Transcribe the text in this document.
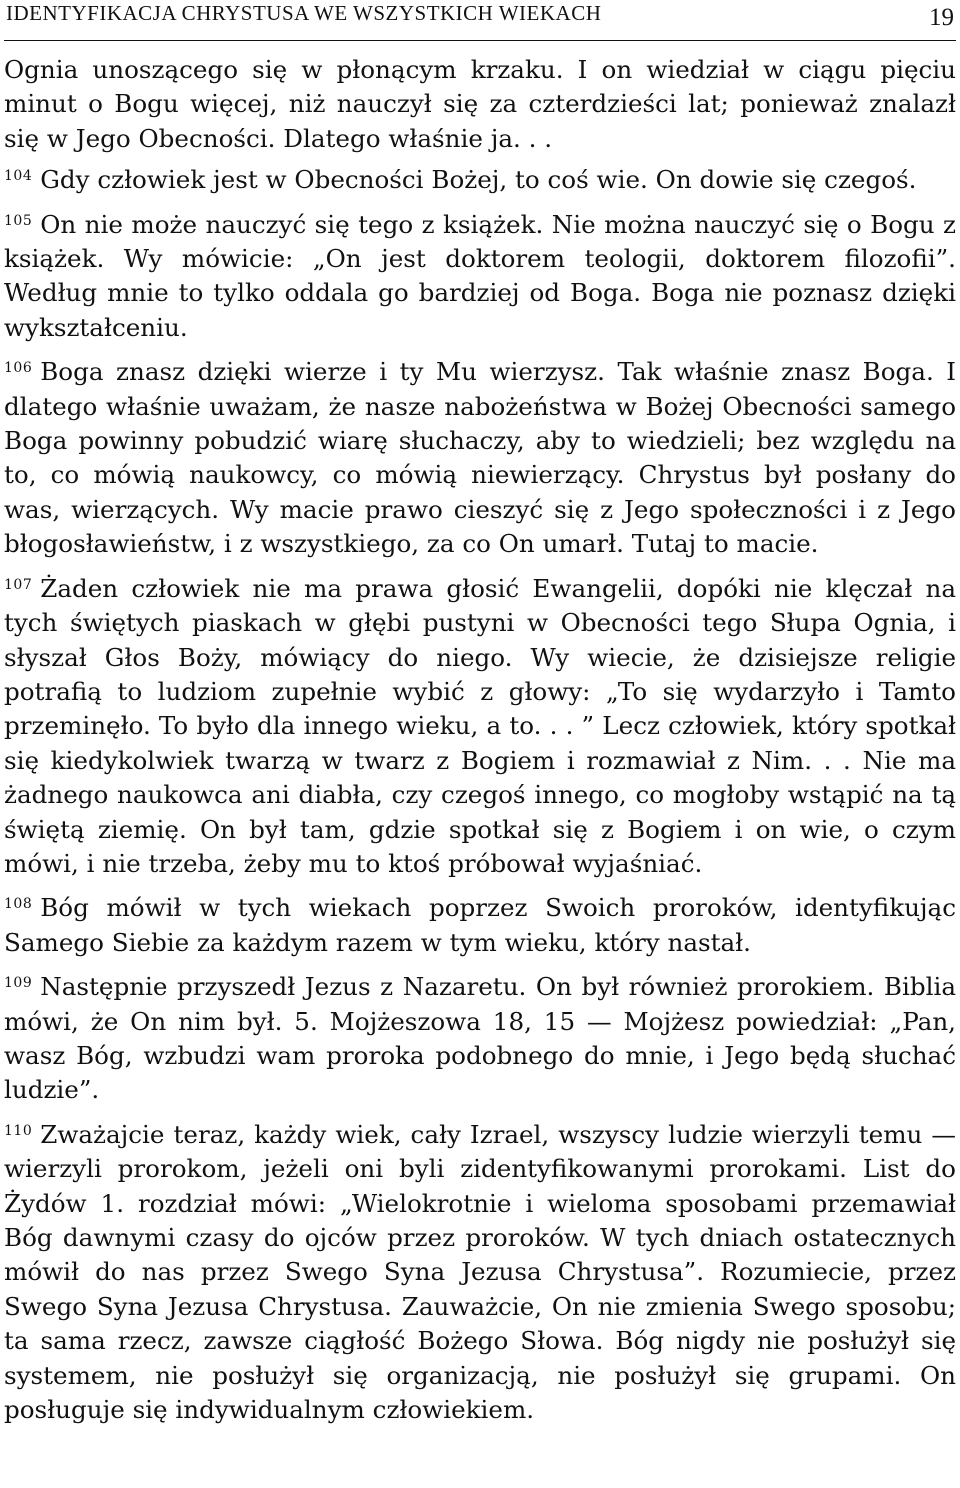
IDENTYFIKACJA CHRYSTUSA WE WSZYSTKICH WIEKACH	19

Ognia unoszącego się w płonącym krzaku. I on wiedział w ciągu pięciu minut o Bogu więcej, niż nauczył się za czterdzieści lat; ponieważ znalazł się w Jego Obecności. Dlatego właśnie ja. . .

$^{104}$ Gdy człowiek jest w Obecności Bożej, to coś wie. On dowie się czegoś.

$^{105}$ On nie może nauczyć się tego z książek. Nie można nauczyć się o Bogu z książek. Wy mówicie: „On jest doktorem teologii, doktorem filozofii”. Według mnie to tylko oddala go bardziej od Boga. Boga nie poznasz dzięki wykształceniu.

$^{106}$ Boga znasz dzięki wierze i ty Mu wierzysz. Tak właśnie znasz Boga. I dlatego właśnie uważam, że nasze nabożeństwa w Bożej Obecności samego Boga powinny pobudzić wiarę słuchaczy, aby to wiedzieli; bez względu na to, co mówią naukowcy, co mówią niewierzący. Chrystus był posłany do was, wierzących. Wy macie prawo cieszyć się z Jego społeczności i z Jego błogosławieństw, i z wszystkiego, za co On umarł. Tutaj to macie.

$^{107}$ Żaden człowiek nie ma prawa głosić Ewangelii, dopóki nie klęczał na tych świętych piaskach w głębi pustyni w Obecności tego Słupa Ognia, i słyszał Głos Boży, mówiący do niego. Wy wiecie, że dzisiejsze religie potrafią to ludziom zupełnie wybić z głowy: „To się wydarzyło i Tamto przeminęło. To było dla innego wieku, a to. . . ” Lecz człowiek, który spotkał się kiedykolwiek twarzą w twarz z Bogiem i rozmawiał z Nim. . . Nie ma żadnego naukowca ani diabła, czy czegoś innego, co mogłoby wstąpić na tą świętą ziemię. On był tam, gdzie spotkał się z Bogiem i on wie, o czym mówi, i nie trzeba, żeby mu to ktoś próbował wyjaśniać.

$^{108}$ Bóg mówił w tych wiekach poprzez Swoich proroków, identyfikując Samego Siebie za każdym razem w tym wieku, który nastał.

$^{109}$ Następnie przyszedł Jezus z Nazaretu. On był również prorokiem. Biblia mówi, że On nim był. 5. Mojżeszowa 18, 15 — Mojżesz powiedział: „Pan, wasz Bóg, wzbudzi wam proroka podobnego do mnie, i Jego będą słuchać ludzie”.

$^{110}$ Zważajcie teraz, każdy wiek, cały Izrael, wszyscy ludzie wierzyli temu — wierzyli prorokom, jeżeli oni byli zidentyfikowanymi prorokami. List do Żydów 1. rozdział mówi: „Wielokrotnie i wieloma sposobami przemawiał Bóg dawnymi czasy do ojców przez proroków. W tych dniach ostatecznych mówił do nas przez Swego Syna Jezusa Chrystusa”. Rozumiecie, przez Swego Syna Jezusa Chrystusa. Zauważcie, On nie zmienia Swego sposobu; ta sama rzecz, zawsze ciągłość Bożego Słowa. Bóg nigdy nie posłużył się systemem, nie posłużył się organizacją, nie posłużył się grupami. On posługuje się indywidualnym człowiekiem.
